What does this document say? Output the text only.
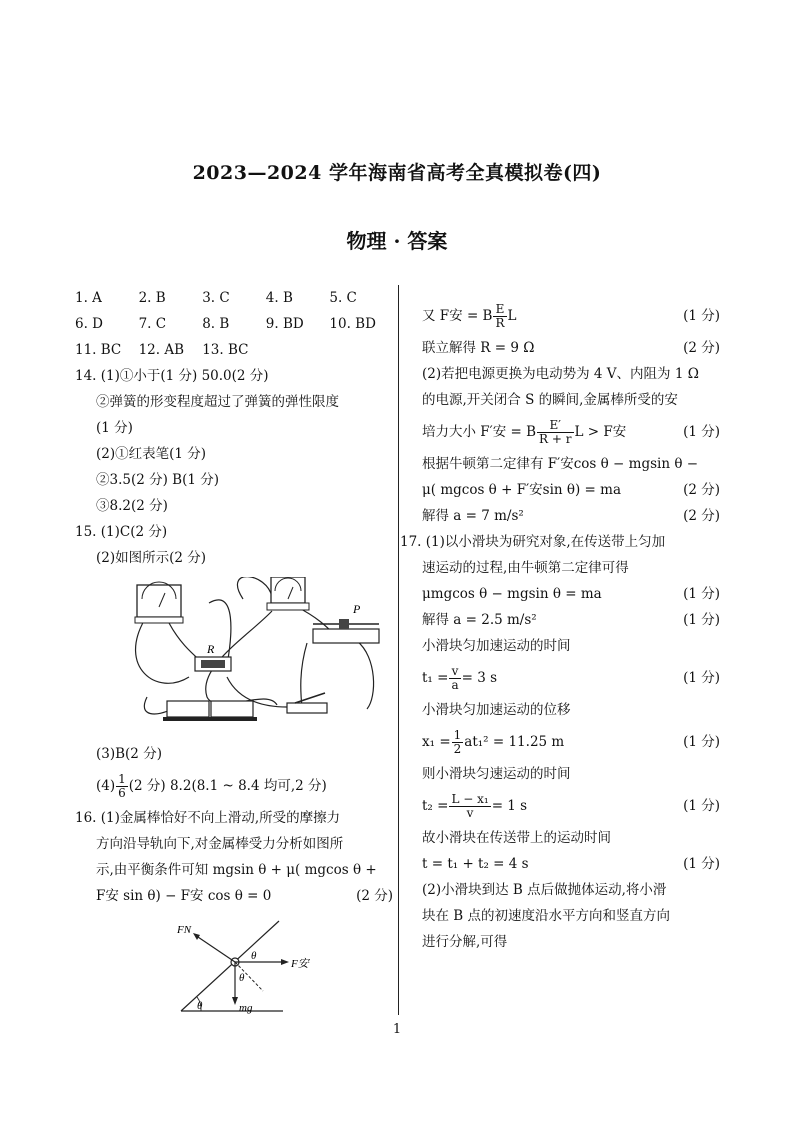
2023—2024 学年海南省高考全真模拟卷(四)
物理 · 答案
1. A	2. B	3. C	4. B	5. C
6. D	7. C	8. B	9. BD	10. BD
11. BC	12. AB	13. BC
14. (1)①小于(1 分) 50.0(2 分)
②弹簧的形变程度超过了弹簧的弹性限度
(1 分)
(2)①红表笔(1 分)
②3.5(2 分) B(1 分)
③8.2(2 分)
15. (1)C(2 分)
(2)如图所示(2 分)
R
P
(3)B(2 分)
$(4) \frac{1}{6} (2$ 分) 8.2(8.1 ~ 8.4 均可,2 分)
16. (1)金属棒恰好不向上滑动,所受的摩擦力
方向沿导轨向下,对金属棒受力分析如图所
示,由平衡条件可知 mgsin θ + μ( mgcos θ +
F安 sin θ) − F安 cos θ = 0	(2 分)
θ
FN
F安
mg
θ
θ
又 F安 = B $\frac{E}{R}$ L	(1 分)
联立解得 R = 9 Ω	(2 分)
(2)若把电源更换为电动势为 4 V、内阻为 1 Ω
的电源,开关闭合 S 的瞬间,金属棒所受的安
培力大小 F′安 = B $\frac{E'}{R + r}$ L > F安	(1 分)
根据牛顿第二定律有 F′安cos θ − mgsin θ −
μ( mgcos θ + F′安sin θ) = ma	(2 分)
解得 a = 7 m/s²	(2 分)
17. (1)以小滑块为研究对象,在传送带上匀加
速运动的过程,由牛顿第二定律可得
μmgcos θ − mgsin θ = ma	(1 分)
解得 a = 2.5 m/s²	(1 分)
小滑块匀加速运动的时间
$t_1 = \frac{v}{a} = 3$ s	(1 分)
小滑块匀加速运动的位移
$x_1 = \frac{1}{2} at_1^2 = 11.25$ m	(1 分)
则小滑块匀速运动的时间
$t_2 = \frac{\text{L − x₁}}{v} = 1$ s	(1 分)
故小滑块在传送带上的运动时间
t = t₁ + t₂ = 4 s	(1 分)
(2)小滑块到达 B 点后做抛体运动,将小滑
块在 B 点的初速度沿水平方向和竖直方向
进行分解,可得
1
